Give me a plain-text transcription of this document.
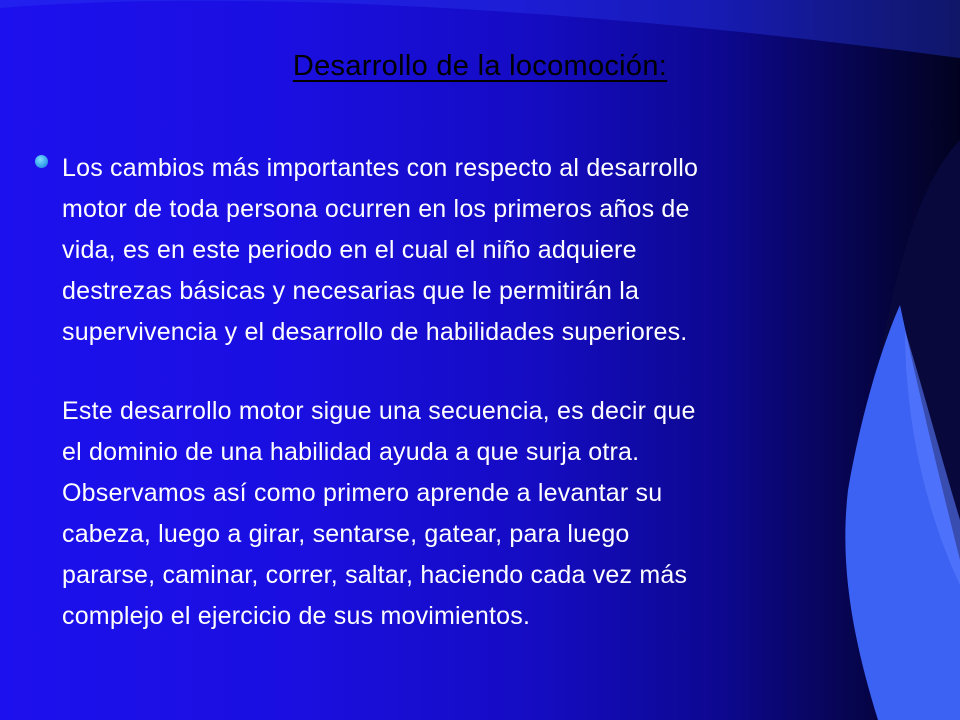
Desarrollo de la locomoción:

Los cambios más importantes con respecto al desarrollo
motor de toda persona ocurren en los primeros años de
vida, es en este periodo en el cual el niño adquiere
destrezas básicas y necesarias que le permitirán la
supervivencia y el desarrollo de habilidades superiores.

Este desarrollo motor sigue una secuencia, es decir que
el dominio de una habilidad ayuda a que surja otra.
Observamos así como primero aprende a levantar su
cabeza, luego a girar, sentarse, gatear, para luego
pararse, caminar, correr, saltar, haciendo cada vez más
complejo el ejercicio de sus movimientos.
